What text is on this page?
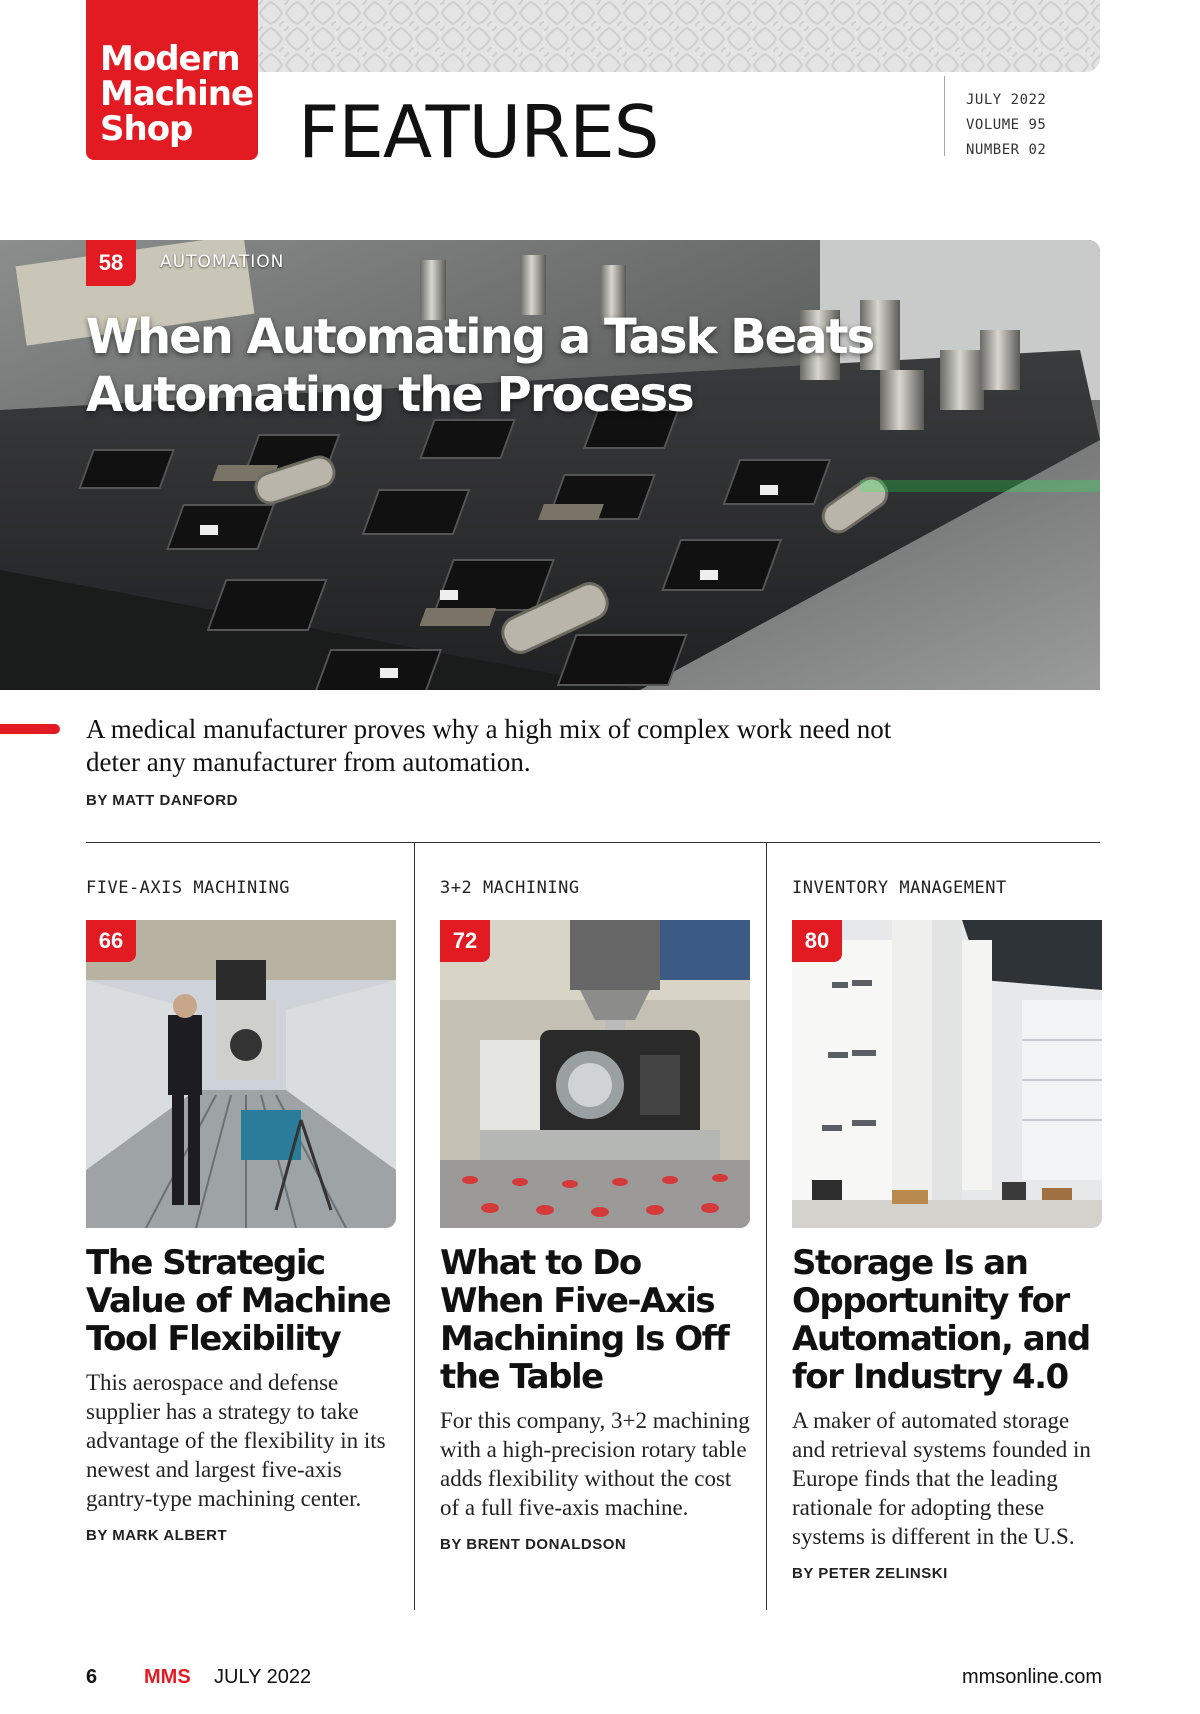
Modern
Machine
Shop	FEATURES	JULY 2022
VOLUME 95
NUMBER 02
58	AUTOMATION
When Automating a Task Beats Automating the Process
A medical manufacturer proves why a high mix of complex work need not deter any manufacturer from automation.
BY MATT DANFORD
FIVE-AXIS MACHINING
66
The Strategic Value of Machine Tool Flexibility
This aerospace and defense supplier has a strategy to take advantage of the flexibility in its newest and largest five-axis gantry-type machining center.
BY MARK ALBERT
3+2 MACHINING
72
What to Do When Five-Axis Machining Is Off the Table
For this company, 3+2 machining with a high-precision rotary table adds flexibility without the cost of a full five-axis machine.
BY BRENT DONALDSON
INVENTORY MANAGEMENT
80
Storage Is an Opportunity for Automation, and for Industry 4.0
A maker of automated storage and retrieval systems founded in Europe finds that the leading rationale for adopting these systems is different in the U.S.
BY PETER ZELINSKI
6 MMS JULY 2022	mmsonline.com
